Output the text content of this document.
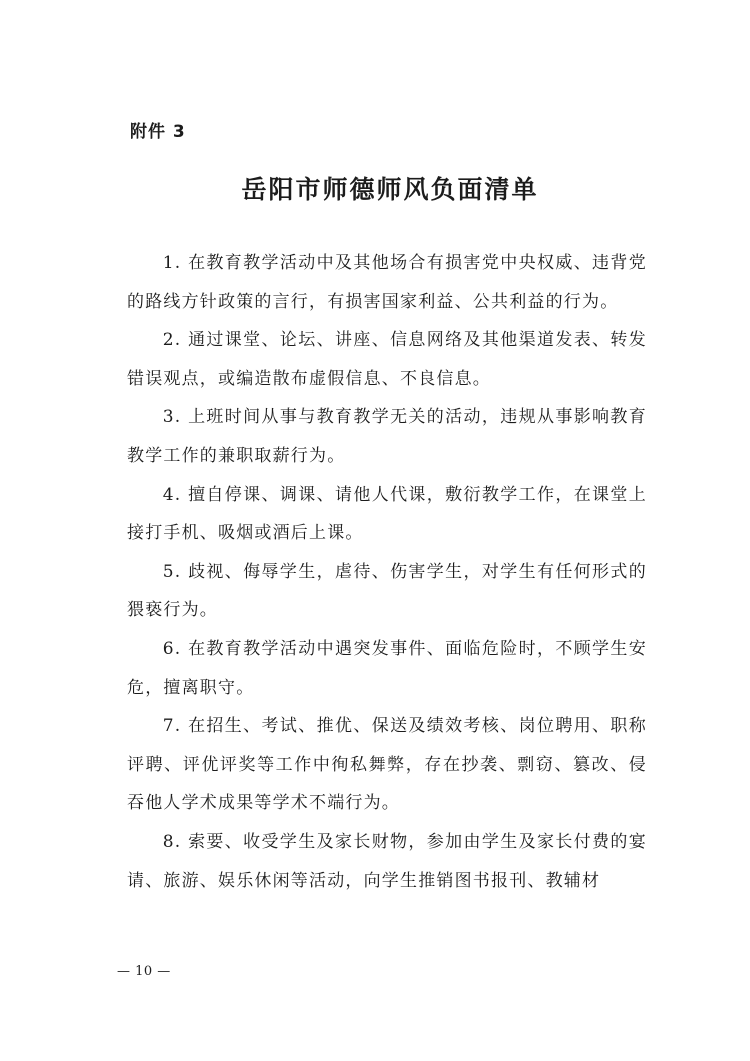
附件 3
岳阳市师德师风负面清单

1. 在教育教学活动中及其他场合有损害党中央权威、违背党的路线方针政策的言行，有损害国家利益、公共利益的行为。

2. 通过课堂、论坛、讲座、信息网络及其他渠道发表、转发错误观点，或编造散布虚假信息、不良信息。

3. 上班时间从事与教育教学无关的活动，违规从事影响教育教学工作的兼职取薪行为。

4. 擅自停课、调课、请他人代课，敷衍教学工作，在课堂上接打手机、吸烟或酒后上课。

5. 歧视、侮辱学生，虐待、伤害学生，对学生有任何形式的猥亵行为。

6. 在教育教学活动中遇突发事件、面临危险时，不顾学生安危，擅离职守。

7. 在招生、考试、推优、保送及绩效考核、岗位聘用、职称评聘、评优评奖等工作中徇私舞弊，存在抄袭、剽窃、篡改、侵吞他人学术成果等学术不端行为。

8. 索要、收受学生及家长财物，参加由学生及家长付费的宴请、旅游、娱乐休闲等活动，向学生推销图书报刊、教辅材

— 10 —
